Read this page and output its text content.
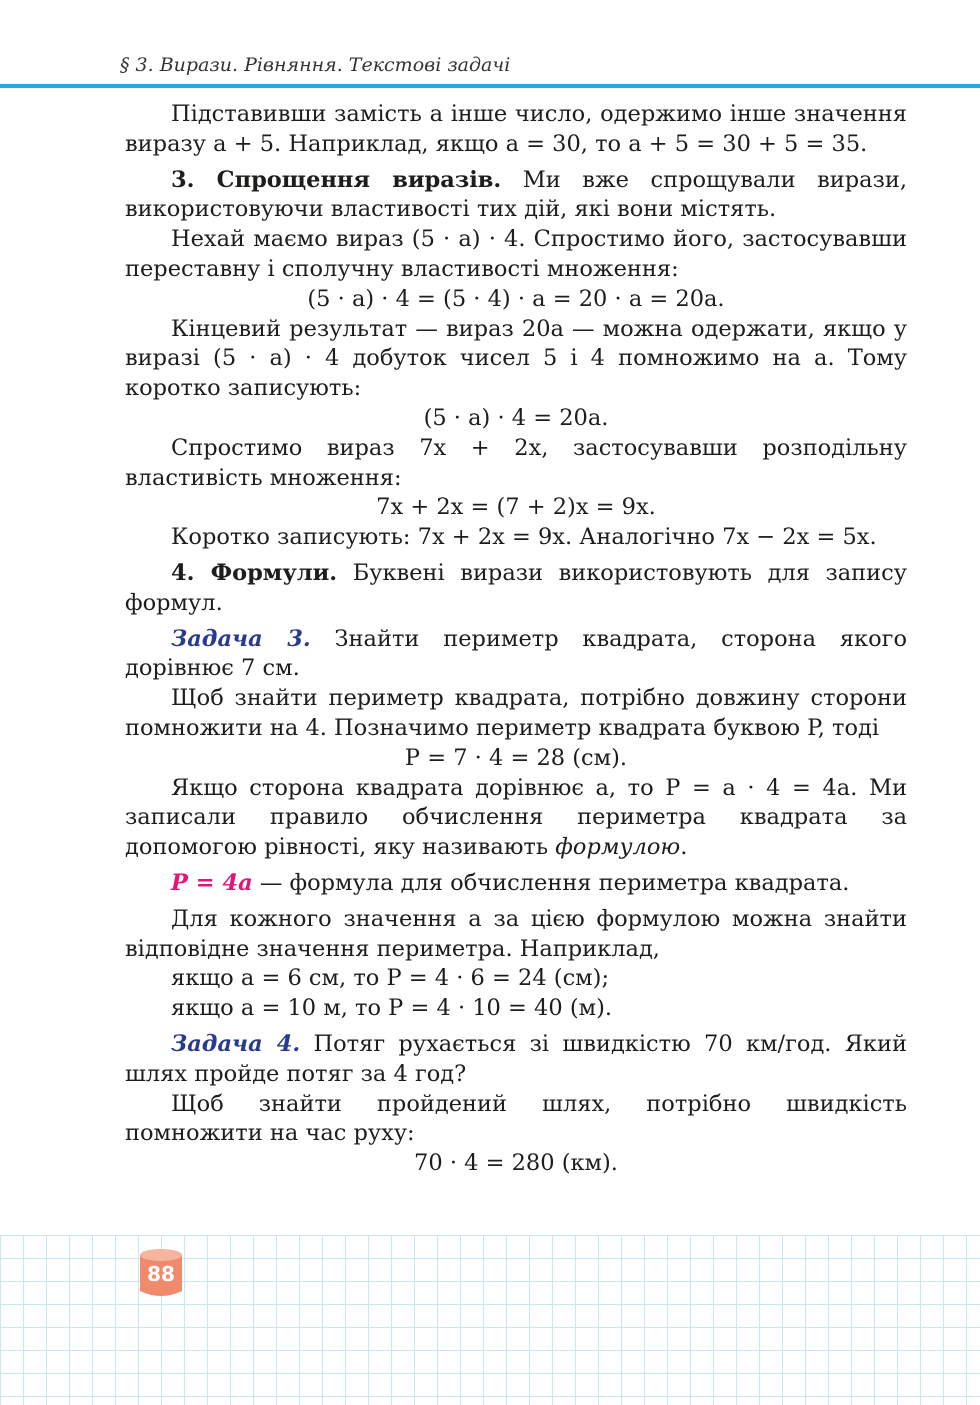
§ 3. Вирази. Рівняння. Текстові задачі

Підставивши замість a інше число, одержимо інше значення виразу a + 5. Наприклад, якщо a = 30, то a + 5 = 30 + 5 = 35.

3. Спрощення виразів. Ми вже спрощували вирази, використовуючи властивості тих дій, які вони містять.

Нехай маємо вираз (5 · a) · 4. Спростимо його, застосувавши переставну і сполучну властивості множення:

(5 · a) · 4 = (5 · 4) · a = 20 · a = 20a.

Кінцевий результат — вираз 20a — можна одержати, якщо у виразі (5 · a) · 4 добуток чисел 5 і 4 помножимо на a. Тому коротко записують:

(5 · a) · 4 = 20a.

Спростимо вираз 7x + 2x, застосувавши розподільну властивість множення:

7x + 2x = (7 + 2)x = 9x.

Коротко записують: 7x + 2x = 9x. Аналогічно 7x − 2x = 5x.

4. Формули. Буквені вирази використовують для запису формул.

Задача 3. Знайти периметр квадрата, сторона якого дорівнює 7 см.

Щоб знайти периметр квадрата, потрібно довжину сторони помножити на 4. Позначимо периметр квадрата буквою P, тоді

P = 7 · 4 = 28 (см).

Якщо сторона квадрата дорівнює a, то P = a · 4 = 4a. Ми записали правило обчислення периметра квадрата за допомогою рівності, яку називають формулою.

P = 4a — формула для обчислення периметра квадрата.

Для кожного значення a за цією формулою можна знайти відповідне значення периметра. Наприклад,

якщо a = 6 см, то P = 4 · 6 = 24 (см);

якщо a = 10 м, то P = 4 · 10 = 40 (м).

Задача 4. Потяг рухається зі швидкістю 70 км/год. Який шлях пройде потяг за 4 год?

Щоб знайти пройдений шлях, потрібно швидкість помножити на час руху:

70 · 4 = 280 (км).

88
